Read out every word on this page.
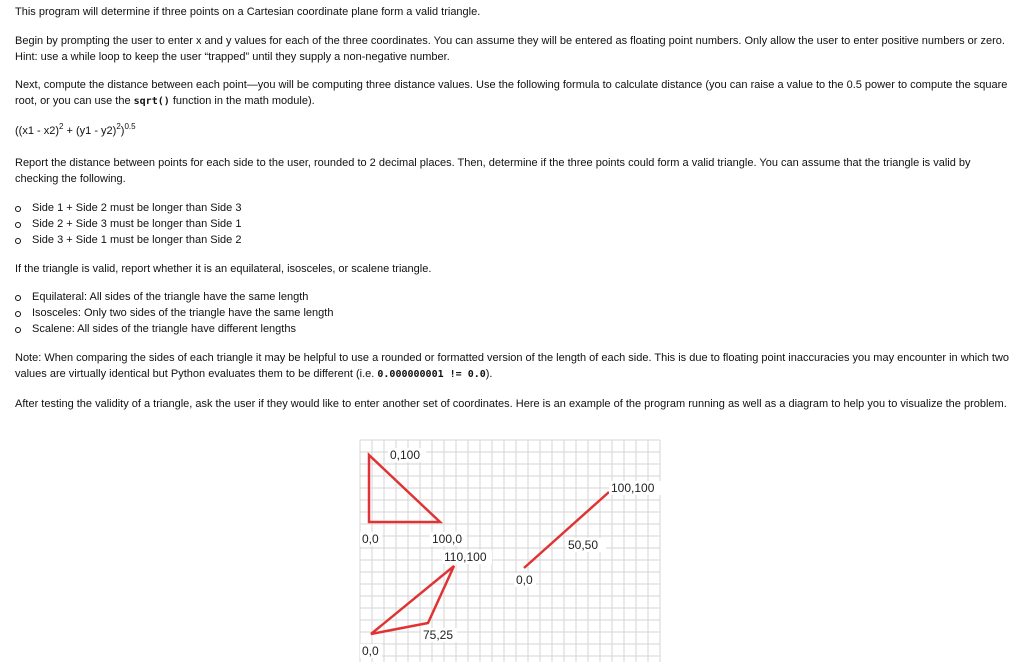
0,100
0,0	100,0
110,100
75,25
0,0
100,100
50,50
0,0

This program will determine if three points on a Cartesian coordinate plane form a valid triangle.

Begin by prompting the user to enter x and y values for each of the three coordinates. You can assume they will be entered as floating point numbers. Only allow the user to enter positive numbers or zero. Hint: use a while loop to keep the user “trapped” until they supply a non-negative number.

Next, compute the distance between each point—you will be computing three distance values. Use the following formula to calculate distance (you can raise a value to the 0.5 power to compute the square root, or you can use the sqrt() function in the math module).

$((x1 - x2)^2 + (y1 - y2)^2)^{0.5}$

Report the distance between points for each side to the user, rounded to 2 decimal places. Then, determine if the three points could form a valid triangle. You can assume that the triangle is valid by checking the following.

Side 1 + Side 2 must be longer than Side 3
Side 2 + Side 3 must be longer than Side 1
Side 3 + Side 1 must be longer than Side 2

If the triangle is valid, report whether it is an equilateral, isosceles, or scalene triangle.

Equilateral: All sides of the triangle have the same length
Isosceles: Only two sides of the triangle have the same length
Scalene: All sides of the triangle have different lengths

Note: When comparing the sides of each triangle it may be helpful to use a rounded or formatted version of the length of each side. This is due to floating point inaccuracies you may encounter in which two values are virtually identical but Python evaluates them to be different (i.e. 0.000000001 != 0.0).

After testing the validity of a triangle, ask the user if they would like to enter another set of coordinates. Here is an example of the program running as well as a diagram to help you to visualize the problem.
